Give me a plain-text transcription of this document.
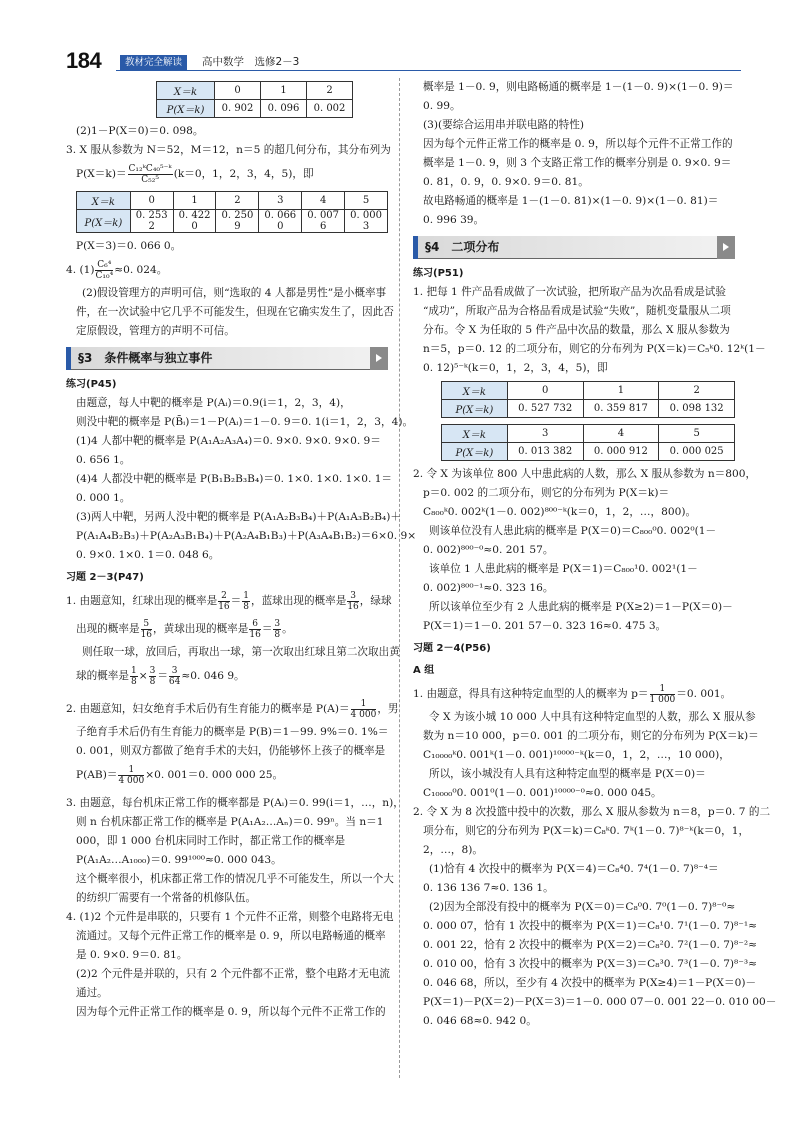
184	教材完全解读	高中数学　选修2－3
X＝k	0	1	2
P(X＝k)	0. 902	0. 096	0. 002
(2)1－P(X＝0)＝0. 098。
3. X 服从参数为 N＝52，M＝12，n＝5 的超几何分布，其分布列为
$P(X=k)= \frac{\text{C₁₂ᵏC₄₀⁵⁻ᵏ}}{\text{C₅₂⁵}} (k=0$，1，2，3，4，5)，即
X＝k	0	1	2	3	4	5
P(X＝k)	0. 253 2	0. 422 0	0. 250 9	0. 066 0	0. 007 6	0. 000 3
P(X＝3)＝0. 066 0。
4. $(1) \frac{\text{C₆⁴}}{\text{C₁₀⁴}} \approx 0$. 024。
(2)假设管理方的声明可信，则“选取的 4 人都是男性”是小概率事
件，在一次试验中它几乎不可能发生，但现在它确实发生了，因此否
定原假设，管理方的声明不可信。
§3　条件概率与独立事件
练习(P45)
由题意，每人中靶的概率是 P(Aᵢ)＝0.9(i＝1，2，3，4)，
则没中靶的概率是 P(B̄ᵢ)＝1－P(Aᵢ)＝1－0. 9＝0. 1(i＝1，2，3，4)。
(1)4 人都中靶的概率是 P(A₁A₂A₃A₄)＝0. 9×0. 9×0. 9×0. 9＝
0. 656 1。
(4)4 人都没中靶的概率是 P(B₁B₂B₃B₄)＝0. 1×0. 1×0. 1×0. 1＝
0. 000 1。
(3)两人中靶，另两人没中靶的概率是 P(A₁A₂B₃B₄)＋P(A₁A₃B₂B₄)＋
P(A₁A₄B₂B₃)＋P(A₂A₃B₁B₄)＋P(A₂A₄B₁B₃)＋P(A₃A₄B₁B₂)＝6×0. 9×
0. 9×0. 1×0. 1＝0. 048 6。
习题 2－3(P47)
1. 由题意知，红球出现的概率是 $\frac{2}{16} = \frac{1}{8}$ ，蓝球出现的概率是 $\frac{3}{16}$ ，绿球
出现的概率是 $\frac{5}{16}$ ，黄球出现的概率是 $\frac{6}{16} = \frac{3}{8}$ 。
则任取一球，放回后，再取出一球，第一次取出红球且第二次取出黄
球的概率是 $\frac{1}{8} \times \frac{3}{8} = \frac{3}{64} \approx 0$. 046 9。
2. 由题意知，妇女绝育手术后仍有生育能力的概率是 $P(A)= \frac{1}{4 000}$ ，男
子绝育手术后仍有生育能力的概率是 P(B)＝1－99. 9%＝0. 1%＝
0. 001，则双方都做了绝育手术的夫妇，仍能够怀上孩子的概率是
$P(AB)= \frac{1}{4 000} \times 0$. 001＝0. 000 000 25。
3. 由题意，每台机床正常工作的概率都是 P(Aᵢ)＝0. 99(i＝1，…，n)，
则 n 台机床都正常工作的概率是 P(A₁A₂…Aₙ)＝0. 99ⁿ。当 n＝1
000，即 1 000 台机床同时工作时，都正常工作的概率是
P(A₁A₂…A₁₀₀₀)＝0. 99¹⁰⁰⁰≈0. 000 043。
这个概率很小，机床都正常工作的情况几乎不可能发生，所以一个大
的纺织厂需要有一个常备的机修队伍。
4. (1)2 个元件是串联的，只要有 1 个元件不正常，则整个电路将无电
流通过。又每个元件正常工作的概率是 0. 9，所以电路畅通的概率
是 0. 9×0. 9＝0. 81。
(2)2 个元件是并联的，只有 2 个元件都不正常，整个电路才无电流
通过。
因为每个元件正常工作的概率是 0. 9，所以每个元件不正常工作的
概率是 1－0. 9，则电路畅通的概率是 1－(1－0. 9)×(1－0. 9)＝
0. 99。
(3)(要综合运用串并联电路的特性)
因为每个元件正常工作的概率是 0. 9，所以每个元件不正常工作的
概率是 1－0. 9，则 3 个支路正常工作的概率分别是 0. 9×0. 9＝
0. 81，0. 9，0. 9×0. 9＝0. 81。
故电路畅通的概率是 1－(1－0. 81)×(1－0. 9)×(1－0. 81)＝
0. 996 39。
§4　二项分布
练习(P51)
1. 把每 1 件产品看成做了一次试验，把所取产品为次品看成是试验
“成功”，所取产品为合格品看成是试验“失败”，随机变量服从二项
分布。令 X 为任取的 5 件产品中次品的数量，那么 X 服从参数为
n＝5，p＝0. 12 的二项分布，则它的分布列为 P(X＝k)＝C₅ᵏ0. 12ᵏ(1－
0. 12)⁵⁻ᵏ(k＝0，1，2，3，4，5)，即
X＝k	0	1	2
P(X＝k)	0. 527 732	0. 359 817	0. 098 132
X＝k	3	4	5
P(X＝k)	0. 013 382	0. 000 912	0. 000 025
2. 令 X 为该单位 800 人中患此病的人数，那么 X 服从参数为 n＝800，
p＝0. 002 的二项分布，则它的分布列为 P(X＝k)＝
C₈₀₀ᵏ0. 002ᵏ(1－0. 002)⁸⁰⁰⁻ᵏ(k＝0，1，2，…，800)。
则该单位没有人患此病的概率是 P(X＝0)＝C₈₀₀⁰0. 002⁰(1－
0. 002)⁸⁰⁰⁻⁰≈0. 201 57。
该单位 1 人患此病的概率是 P(X＝1)＝C₈₀₀¹0. 002¹(1－
0. 002)⁸⁰⁰⁻¹≈0. 323 16。
所以该单位至少有 2 人患此病的概率是 P(X≥2)＝1－P(X＝0)－
P(X＝1)＝1－0. 201 57－0. 323 16≈0. 475 3。
习题 2－4(P56)
A 组
1. 由题意，得具有这种特定血型的人的概率为 $p= \frac{1}{1 000} =0$. 001。
令 X 为该小城 10 000 人中具有这种特定血型的人数，那么 X 服从参
数为 n＝10 000，p＝0. 001 的二项分布，则它的分布列为 P(X＝k)＝
C₁₀₀₀₀ᵏ0. 001ᵏ(1－0. 001)¹⁰⁰⁰⁰⁻ᵏ(k＝0，1，2，…，10 000)，
所以，该小城没有人具有这种特定血型的概率是 P(X＝0)＝
C₁₀₀₀₀⁰0. 001⁰(1－0. 001)¹⁰⁰⁰⁰⁻⁰≈0. 000 045。
2. 令 X 为 8 次投篮中投中的次数，那么 X 服从参数为 n＝8，p＝0. 7 的二
项分布，则它的分布列为 P(X＝k)＝C₈ᵏ0. 7ᵏ(1－0. 7)⁸⁻ᵏ(k＝0，1，
2，…，8)。
(1)恰有 4 次投中的概率为 P(X＝4)＝C₈⁴0. 7⁴(1－0. 7)⁸⁻⁴＝
0. 136 136 7≈0. 136 1。
(2)因为全部没有投中的概率为 P(X＝0)＝C₈⁰0. 7⁰(1－0. 7)⁸⁻⁰≈
0. 000 07，恰有 1 次投中的概率为 P(X＝1)＝C₈¹0. 7¹(1－0. 7)⁸⁻¹≈
0. 001 22，恰有 2 次投中的概率为 P(X＝2)＝C₈²0. 7²(1－0. 7)⁸⁻²≈
0. 010 00，恰有 3 次投中的概率为 P(X＝3)＝C₈³0. 7³(1－0. 7)⁸⁻³≈
0. 046 68，所以，至少有 4 次投中的概率为 P(X≥4)＝1－P(X＝0)－
P(X＝1)－P(X＝2)－P(X＝3)＝1－0. 000 07－0. 001 22－0. 010 00－
0. 046 68≈0. 942 0。
